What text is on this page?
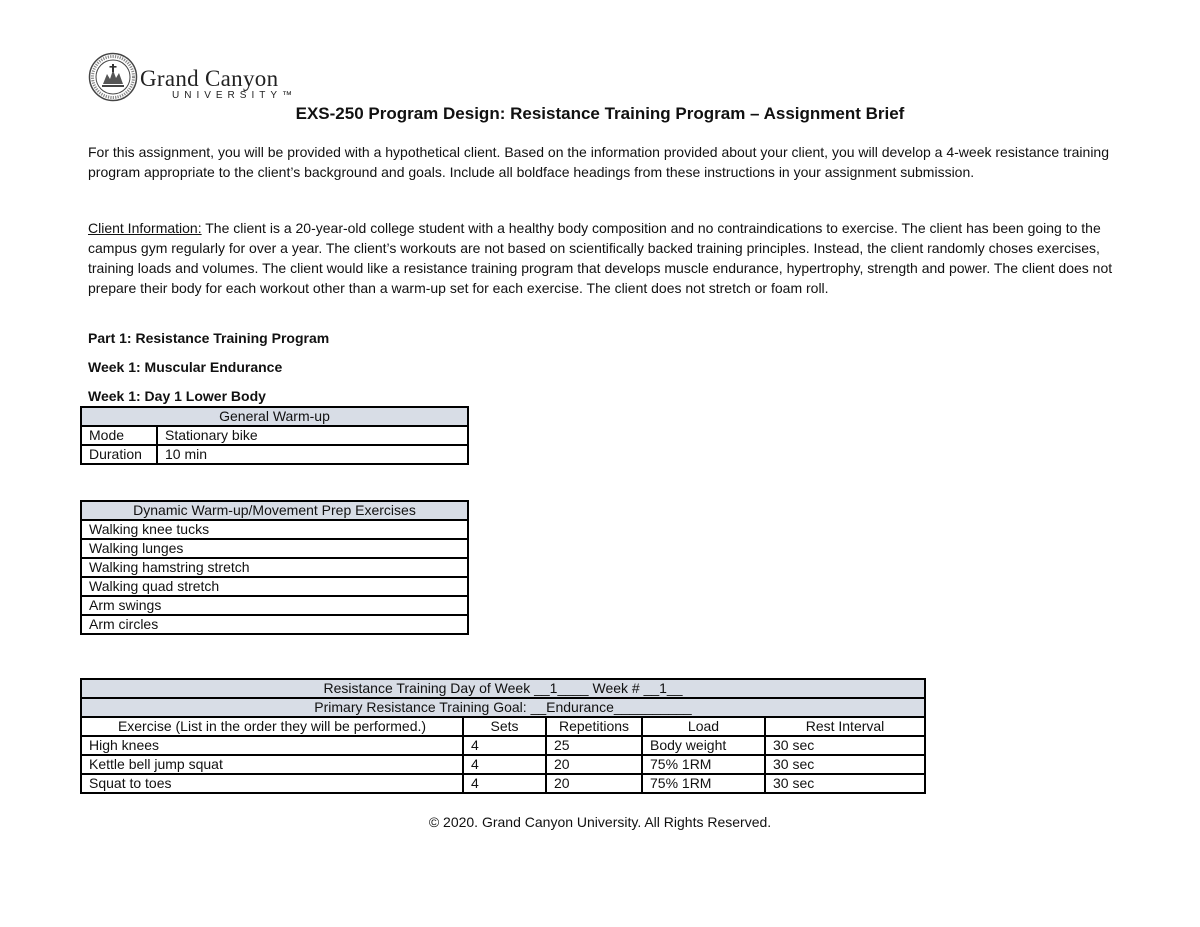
Grand Canyon
UNIVERSITY™
EXS-250 Program Design: Resistance Training Program – Assignment Brief
For this assignment, you will be provided with a hypothetical client. Based on the information provided about your client, you will develop a 4-week resistance training program appropriate to the client’s background and goals. Include all boldface headings from these instructions in your assignment submission.
Client Information: The client is a 20-year-old college student with a healthy body composition and no contraindications to exercise. The client has been going to the campus gym regularly for over a year. The client’s workouts are not based on scientifically backed training principles. Instead, the client randomly choses exercises, training loads and volumes. The client would like a resistance training program that develops muscle endurance, hypertrophy, strength and power. The client does not prepare their body for each workout other than a warm-up set for each exercise. The client does not stretch or foam roll.
Part 1: Resistance Training Program
Week 1: Muscular Endurance
Week 1: Day 1 Lower Body
General Warm-up	
Mode	Stationary bike
Duration	10 min
Dynamic Warm-up/Movement Prep Exercises
Walking knee tucks
Walking lunges
Walking hamstring stretch
Walking quad stretch
Arm swings
Arm circles
Resistance Training Day of Week __1____ Week # __1__				
Primary Resistance Training Goal: __Endurance__________				
Exercise (List in the order they will be performed.)	Sets	Repetitions	Load	Rest Interval
High knees	4	25	Body weight	30 sec
Kettle bell jump squat	4	20	75% 1RM	30 sec
Squat to toes	4	20	75% 1RM	30 sec
© 2020. Grand Canyon University. All Rights Reserved.
